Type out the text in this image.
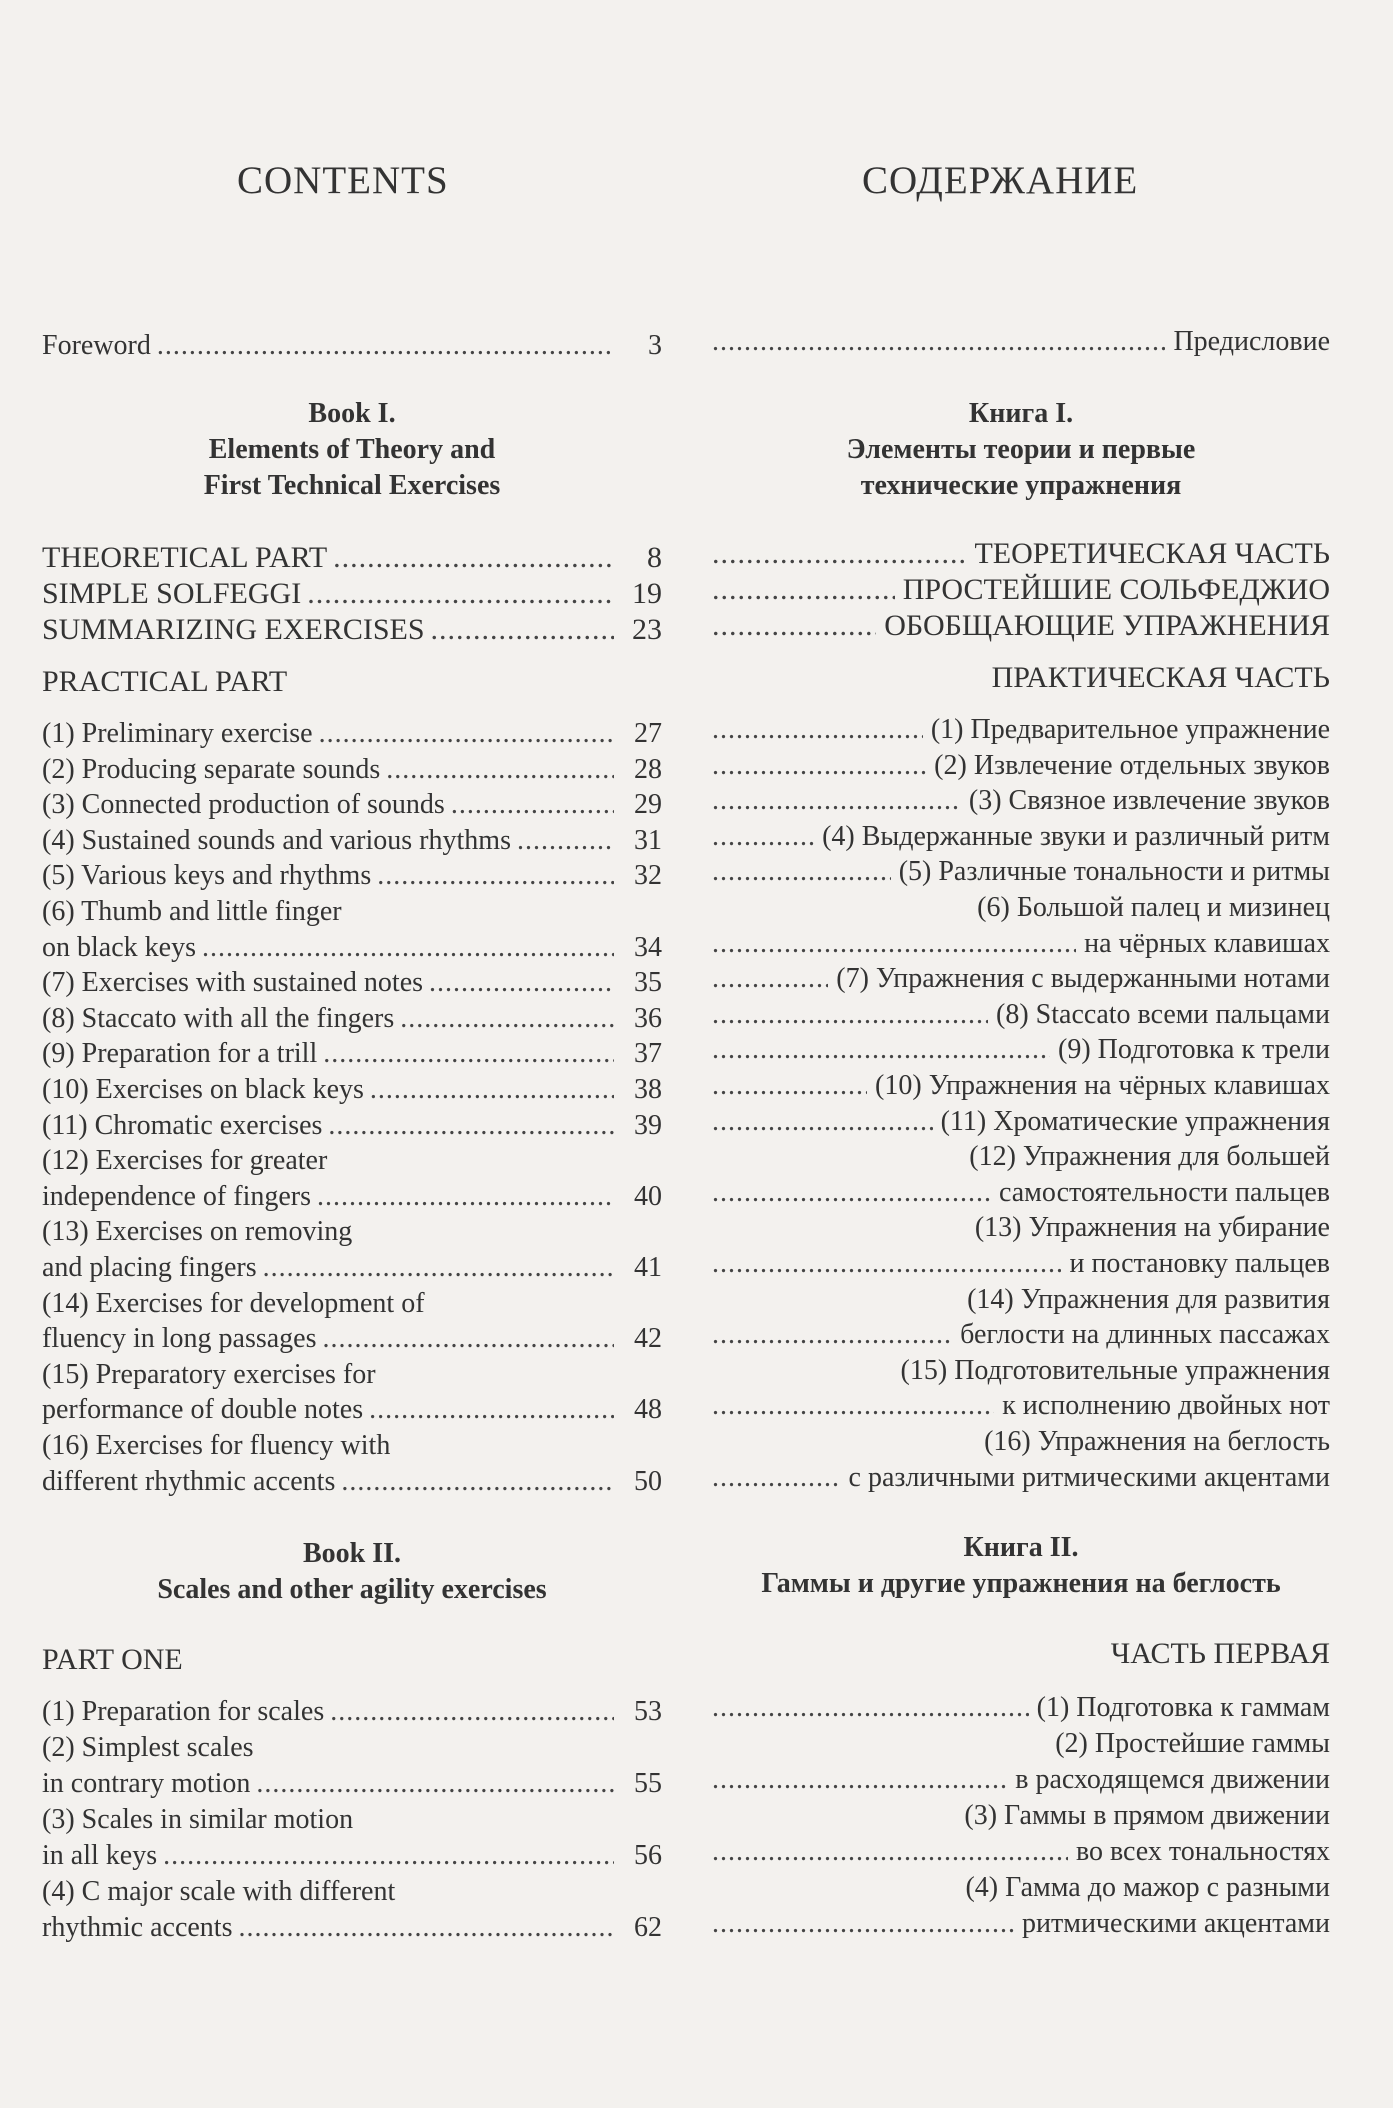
CONTENTS	СОДЕРЖАНИЕ
Foreword .....	3 .....	Предисловие
Book I.
Elements of Theory and
First Technical Exercises
Книга I.
Элементы теории и первые
технические упражнения
THEORETICAL PART .....	8 .....	ТЕОРЕТИЧЕСКАЯ ЧАСТЬ
SIMPLE SOLFEGGI .....	19 .....	ПРОСТЕЙШИЕ СОЛЬФЕДЖИО
SUMMARIZING EXERCISES .....	23 .....	ОБОБЩАЮЩИЕ УПРАЖНЕНИЯ
PRACTICAL PART	ПРАКТИЧЕСКАЯ ЧАСТЬ
(1) Preliminary exercise .....	27 .....	(1) Предварительное упражнение
(2) Producing separate sounds .....	28 .....	(2) Извлечение отдельных звуков
(3) Connected production of sounds .....	29 .....	(3) Связное извлечение звуков
(4) Sustained sounds and various rhythms .....	31 .....	(4) Выдержанные звуки и различный ритм
(5) Various keys and rhythms .....	32 .....	(5) Различные тональности и ритмы
(6) Thumb and little finger	(6) Большой палец и мизинец
on black keys .....	34 .....	на чёрных клавишах
(7) Exercises with sustained notes .....	35 .....	(7) Упражнения с выдержанными нотами
(8) Staccato with all the fingers .....	36 .....	(8) Staccato всеми пальцами
(9) Preparation for a trill .....	37 .....	(9) Подготовка к трели
(10) Exercises on black keys .....	38 .....	(10) Упражнения на чёрных клавишах
(11) Chromatic exercises .....	39 .....	(11) Хроматические упражнения
(12) Exercises for greater	(12) Упражнения для большей
independence of fingers .....	40 .....	самостоятельности пальцев
(13) Exercises on removing	(13) Упражнения на убирание
and placing fingers .....	41 .....	и постановку пальцев
(14) Exercises for development of	(14) Упражнения для развития
fluency in long passages .....	42 .....	беглости на длинных пассажах
(15) Preparatory exercises for	(15) Подготовительные упражнения
performance of double notes .....	48 .....	к исполнению двойных нот
(16) Exercises for fluency with	(16) Упражнения на беглость
different rhythmic accents .....	50 .....	с различными ритмическими акцентами
Book II.
Scales and other agility exercises
Книга II.
Гаммы и другие упражнения на беглость
PART ONE	ЧАСТЬ ПЕРВАЯ
(1) Preparation for scales .....	53 .....	(1) Подготовка к гаммам
(2) Simplest scales	(2) Простейшие гаммы
in contrary motion .....	55 .....	в расходящемся движении
(3) Scales in similar motion	(3) Гаммы в прямом движении
in all keys .....	56 .....	во всех тональностях
(4) C major scale with different	(4) Гамма до мажор с разными
rhythmic accents .....	62 .....	ритмическими акцентами
